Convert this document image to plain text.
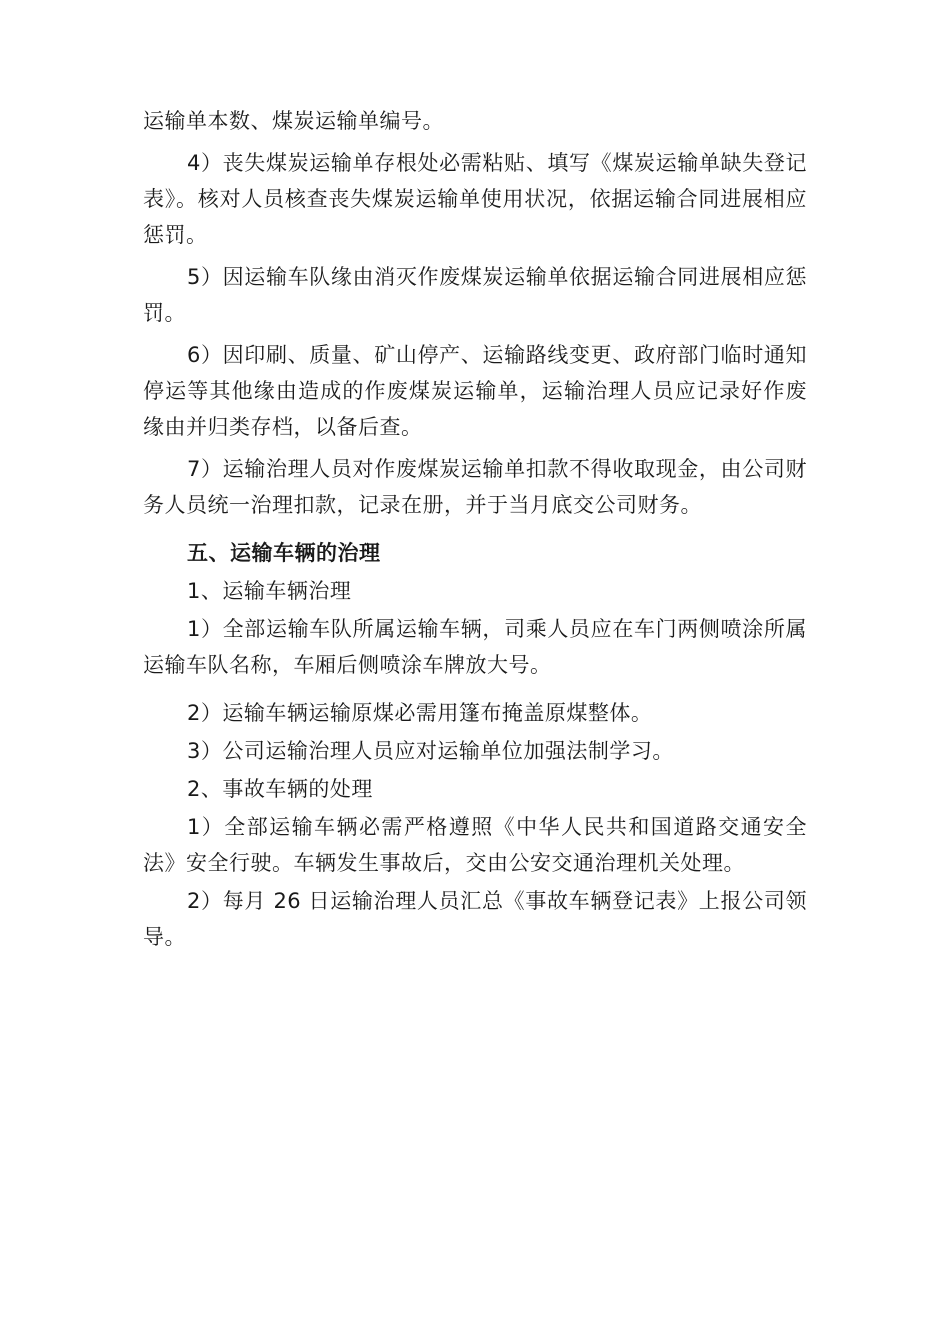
运输单本数、煤炭运输单编号。

4）丧失煤炭运输单存根处必需粘贴、填写《煤炭运输单缺失登记表》。核对人员核查丧失煤炭运输单使用状况，依据运输合同进展相应惩罚。

5）因运输车队缘由消灭作废煤炭运输单依据运输合同进展相应惩罚。

6）因印刷、质量、矿山停产、运输路线变更、政府部门临时通知停运等其他缘由造成的作废煤炭运输单，运输治理人员应记录好作废缘由并归类存档，以备后查。

7）运输治理人员对作废煤炭运输单扣款不得收取现金，由公司财务人员统一治理扣款，记录在册，并于当月底交公司财务。

五、运输车辆的治理

1、运输车辆治理

1）全部运输车队所属运输车辆，司乘人员应在车门两侧喷涂所属运输车队名称，车厢后侧喷涂车牌放大号。

2）运输车辆运输原煤必需用篷布掩盖原煤整体。

3）公司运输治理人员应对运输单位加强法制学习。

2、事故车辆的处理

1）全部运输车辆必需严格遵照《中华人民共和国道路交通安全法》安全行驶。车辆发生事故后，交由公安交通治理机关处理。

2）每月 26 日运输治理人员汇总《事故车辆登记表》上报公司领导。
